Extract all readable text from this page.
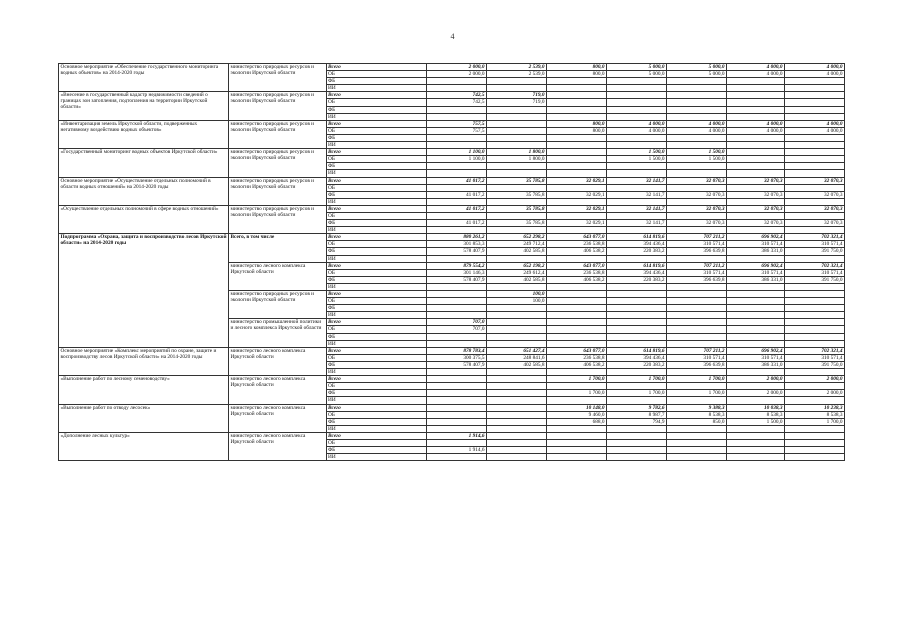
4
Основное мероприятие «Обеспечение государственного мониторинга водных объектов» на 2014-2020 годы	министерство природных ресурсов и экологии Иркутской области	Всего	2 000,0	2 539,0	800,0	5 000,0	5 000,0	4 000,0	4 000,0
		ОБ	2 000,0	2 539,0	800,0	5 000,0	5 000,0	4 000,0	4 000,0
		ФБ							
		ИИ							
«Внесение в государственный кадастр недвижимости сведений о границах зон затопления, подтопления на территории Иркутской области»	министерство природных ресурсов и экологии Иркутской области	Всего	742,5	719,0					
		ОБ	742,5	719,0					
		ФБ							
		ИИ							
«Инвентаризация земель Иркутской области, подверженных негативному воздействию водных объектов»	министерство природных ресурсов и экологии Иркутской области	Всего	757,5		800,0	4 000,0	4 000,0	4 000,0	4 000,0
		ОБ	757,5		800,0	4 000,0	4 000,0	4 000,0	4 000,0
		ФБ							
		ИИ							
«Государственный мониторинг водных объектов Иркутской области»	министерство природных ресурсов и экологии Иркутской области	Всего	1 100,0	1 800,0		1 500,0	1 500,0		
		ОБ	1 100,0	1 800,0		1 500,0	1 500,0		
		ФБ							
		ИИ							
Основное мероприятие «Осуществление отдельных полномочий в области водных отношений» на 2014-2020 годы	министерство природных ресурсов и экологии Иркутской области	Всего	41 017,2	35 785,8	32 029,1	32 141,7	32 070,3	32 070,3	32 070,3
		ОБ							
		ФБ	41 017,2	35 785,8	32 029,1	32 141,7	32 070,3	32 070,3	32 070,3
		ИИ							
«Осуществление отдельных полномочий в сфере водных отношений»	министерство природных ресурсов и экологии Иркутской области	Всего	41 017,2	35 785,8	32 029,1	32 141,7	32 070,3	32 070,3	32 070,3
		ОБ							
		ФБ	41 017,2	35 785,8	32 029,1	32 141,7	32 070,3	32 070,3	32 070,3
		ИИ							
Подпрограмма «Охрана, защита и воспроизводство лесов Иркутской области» на 2014-2020 годы	Всего, в том числе	Всего	880 261,2	652 298,2	643 077,0	614 819,6	707 211,2	696 902,4	702 321,4
		ОБ	301 853,3	249 712,4	236 538,8	394 436,4	310 571,4	310 571,4	310 571,4
		ФБ	578 407,9	402 585,8	406 538,2	220 383,2	396 639,8	386 331,0	391 750,0
		ИИ							
	министерство лесного комплекса Иркутской области	Всего	879 554,2	652 198,2	643 077,0	614 819,6	707 211,2	696 902,4	702 321,4
		ОБ	301 146,3	249 612,4	236 538,8	394 436,4	310 571,4	310 571,4	310 571,4
		ФБ	578 407,9	402 585,8	406 538,2	220 383,2	396 639,8	386 331,0	391 750,0
		ИИ							
	министерство природных ресурсов и экологии Иркутской области	Всего		100,0					
		ОБ		100,0					
		ФБ							
		ИИ							
	министерство промышленной политики и лесного комплекса Иркутской области	Всего	707,0						
		ОБ	707,0						
		ФБ							
		ИИ							
Основное мероприятие «Комплекс мероприятий по охране, защите и воспроизводству лесов Иркутской области» на 2014-2020 годы	министерство лесного комплекса Иркутской области	Всего	878 783,4	651 427,4	643 077,0	614 819,6	707 211,2	696 902,4	702 321,4
		ОБ	300 375,5	248 841,6	236 538,8	394 436,4	310 571,4	310 571,4	310 571,4
		ФБ	578 407,9	402 585,8	406 538,2	220 383,2	396 639,8	386 331,0	391 750,0
		ИИ							
«Выполнение работ по лесному семеноводству»	министерство лесного комплекса Иркутской области	Всего			1 700,0	1 700,0	1 700,0	2 000,0	2 000,0
		ОБ							
		ФБ			1 700,0	1 700,0	1 700,0	2 000,0	2 000,0
		ИИ							
«Выполнение работ по отводу лесосек»	министерство лесного комплекса Иркутской области	Всего			10 148,0	9 782,6	9 388,3	10 038,3	10 238,3
		ОБ			9 460,0	8 987,7	8 538,3	8 538,3	8 538,3
		ФБ			688,0	794,9	850,0	1 500,0	1 700,0
		ИИ							
«Дополнение лесных культур»	министерство лесного комплекса Иркутской области	Всего	1 914,6						
		ОБ							
		ФБ	1 914,6						
		ИИ							
